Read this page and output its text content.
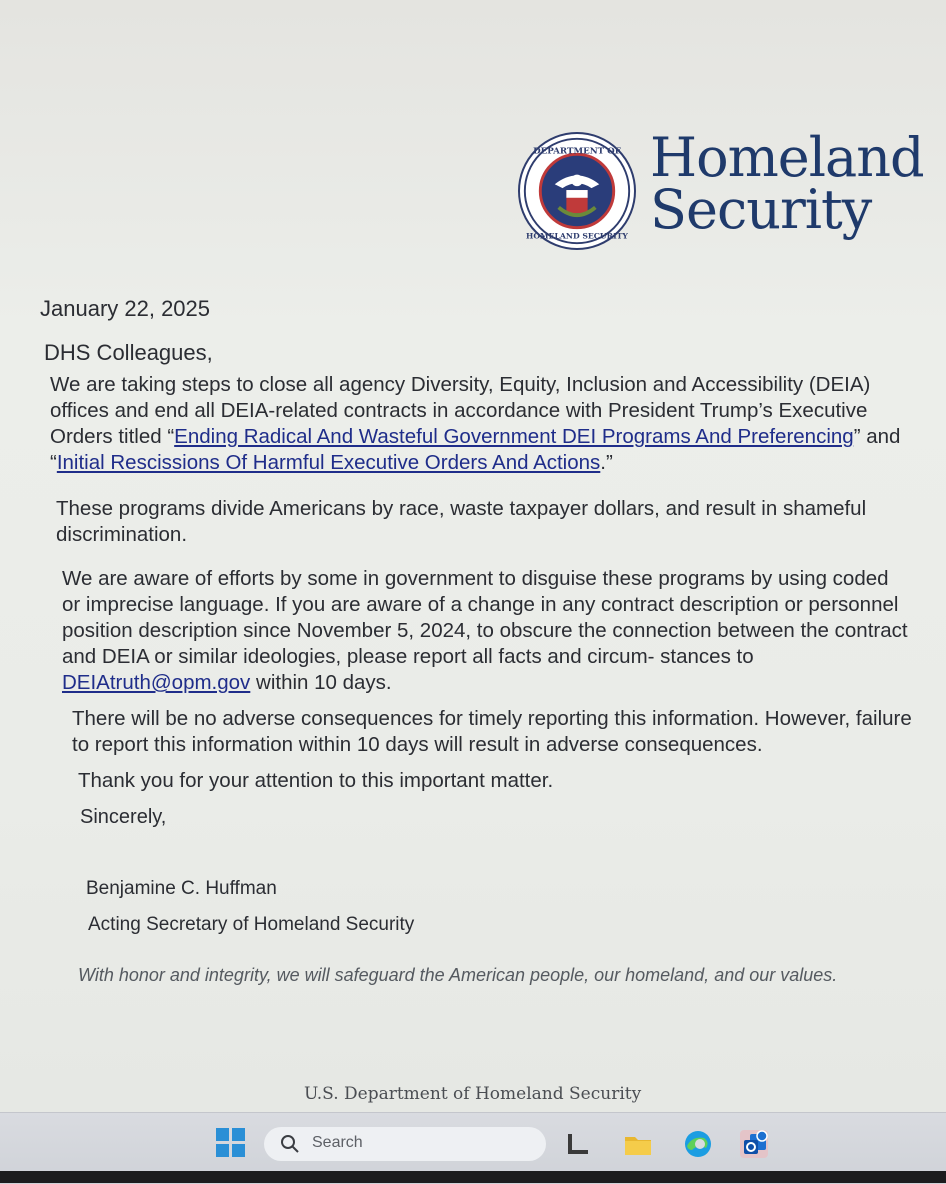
DEPARTMENT OF
HOMELAND SECURITY
Homeland
Security
January 22, 2025
DHS Colleagues,
We are taking steps to close all agency Diversity, Equity, Inclusion and Accessibility (DEIA) offices and end all DEIA-related contracts in accordance with President Trump’s Executive Orders titled “Ending Radical And Wasteful Government DEI Programs And Preferencing” and “Initial Rescissions Of Harmful Executive Orders And Actions.”
These programs divide Americans by race, waste taxpayer dollars, and result in shameful discrimination.
We are aware of efforts by some in government to disguise these programs by using coded or imprecise language. If you are aware of a change in any contract description or personnel position description since November 5, 2024, to obscure the connection between the contract and DEIA or similar ideologies, please report all facts and circum- stances to DEIAtruth@opm.gov within 10 days.
There will be no adverse consequences for timely reporting this information. However, failure to report this information within 10 days will result in adverse consequences.
Thank you for your attention to this important matter.
Sincerely,
Benjamine C. Huffman
Acting Secretary of Homeland Security
With honor and integrity, we will safeguard the American people, our homeland, and our values.
U.S. Department of Homeland Security
Search
